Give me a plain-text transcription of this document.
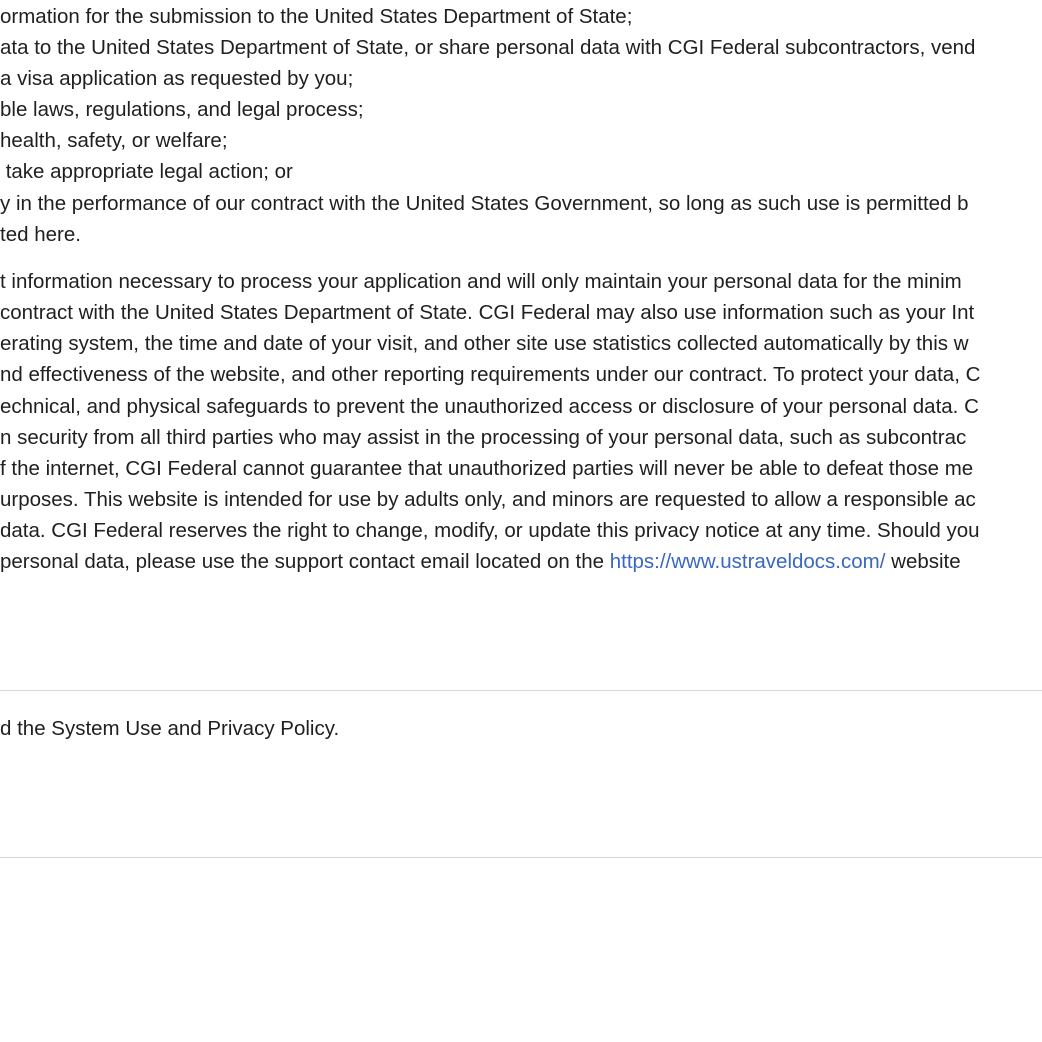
ormation for the submission to the United States Department of State;
ata to the United States Department of State, or share personal data with CGI Federal subcontractors, vend
a visa application as requested by you;
ble laws, regulations, and legal process;
health, safety, or welfare;
take appropriate legal action; or
y in the performance of our contract with the United States Government, so long as such use is permitted b
ted here.
t information necessary to process your application and will only maintain your personal data for the minim
contract with the United States Department of State. CGI Federal may also use information such as your Int
erating system, the time and date of your visit, and other site use statistics collected automatically by this w
nd effectiveness of the website, and other reporting requirements under our contract. To protect your data, C
echnical, and physical safeguards to prevent the unauthorized access or disclosure of your personal data. C
n security from all third parties who may assist in the processing of your personal data, such as subcontrac
f the internet, CGI Federal cannot guarantee that unauthorized parties will never be able to defeat those me
urposes. This website is intended for use by adults only, and minors are requested to allow a responsible ac
data. CGI Federal reserves the right to change, modify, or update this privacy notice at any time. Should you
personal data, please use the support contact email located on the https://www.ustraveldocs.com/ website
d the System Use and Privacy Policy.
